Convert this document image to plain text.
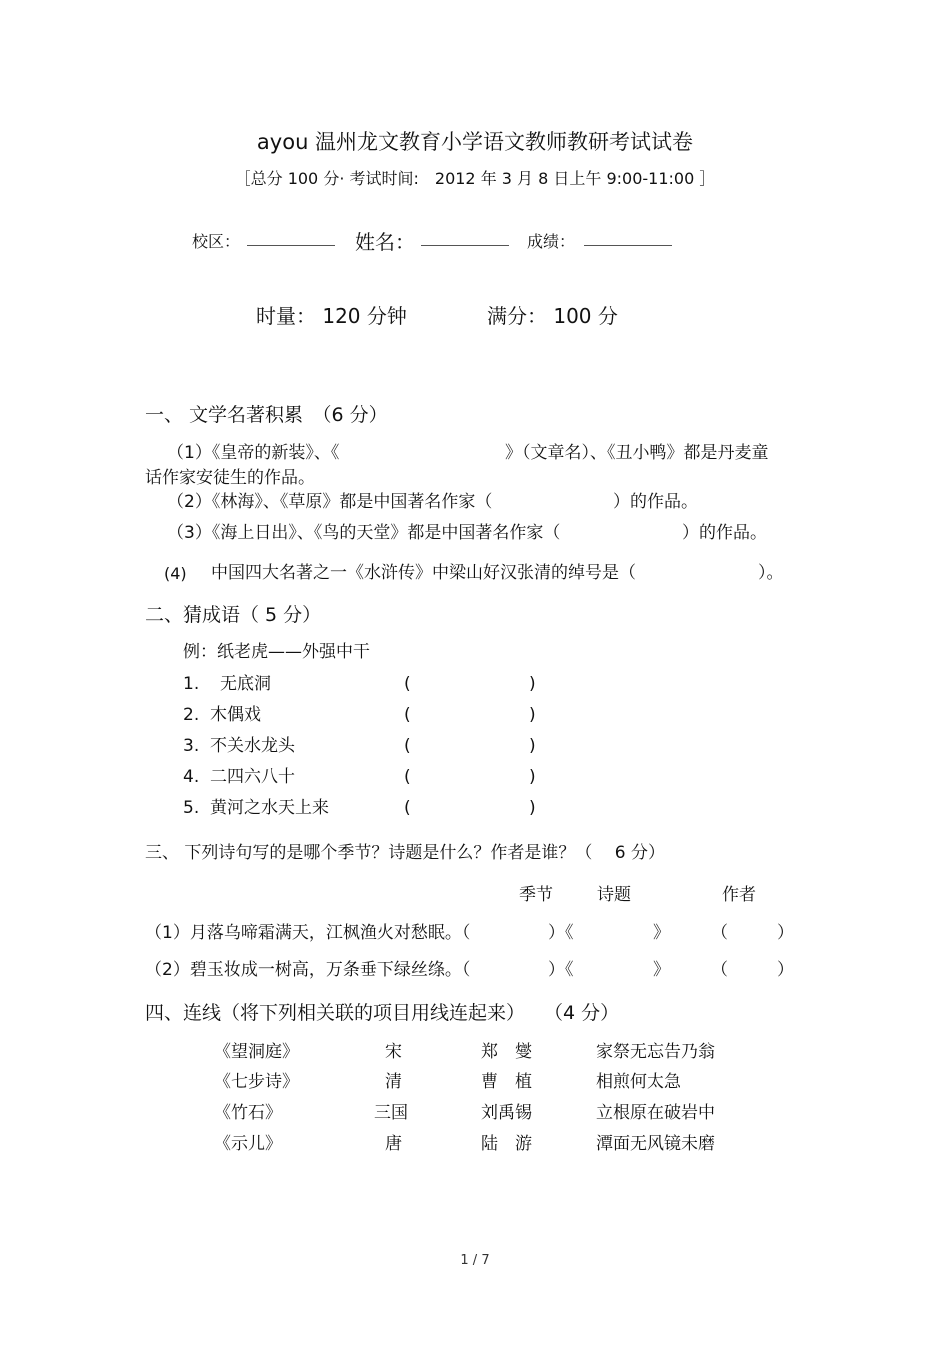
ayou 温州龙文教育小学语文教师教研考试试卷
［总分 100 分· 考试时间:　2012 年 3 月 8 日上午 9:00-11:00 ］
校区：	姓名：	成绩：
时量： 120 分钟	满分： 100 分
一、 文学名著积累　（6 分）
（1）《皇帝的新装》、《	》（文章名）、《丑小鸭》都是丹麦童
话作家安徒生的作品。
（2）《林海》、《草原》都是中国著名作家（	）的作品。
（3）《海上日出》、《鸟的天堂》都是中国著名作家（	）的作品。
(4) 中国四大名著之一《水浒传》中梁山好汉张清的绰号是（	）。
二、猜成语（ 5 分）
例：纸老虎——外强中干
1. 无底洞	(	)
2. 木偶戏	(	)
3. 不关水龙头	(	)
4. 二四六八十	(	)
5. 黄河之水天上来	(	)
三、 下列诗句写的是哪个季节？诗题是什么？作者是谁？（　 6 分）
季节	诗题	作者
（1）月落乌啼霜满天，江枫渔火对愁眠。（	）《	》 （	）
（2）碧玉妆成一树高，万条垂下绿丝绦。（	）《	》 （	）
四、连线（将下列相关联的项目用线连起来）　　（4 分）
《望洞庭》	宋	郑　燮	家祭无忘告乃翁
《七步诗》	清	曹　植	相煎何太急
《竹石》	三国	刘禹锡	立根原在破岩中
《示儿》	唐	陆　游	潭面无风镜未磨
1 / 7
